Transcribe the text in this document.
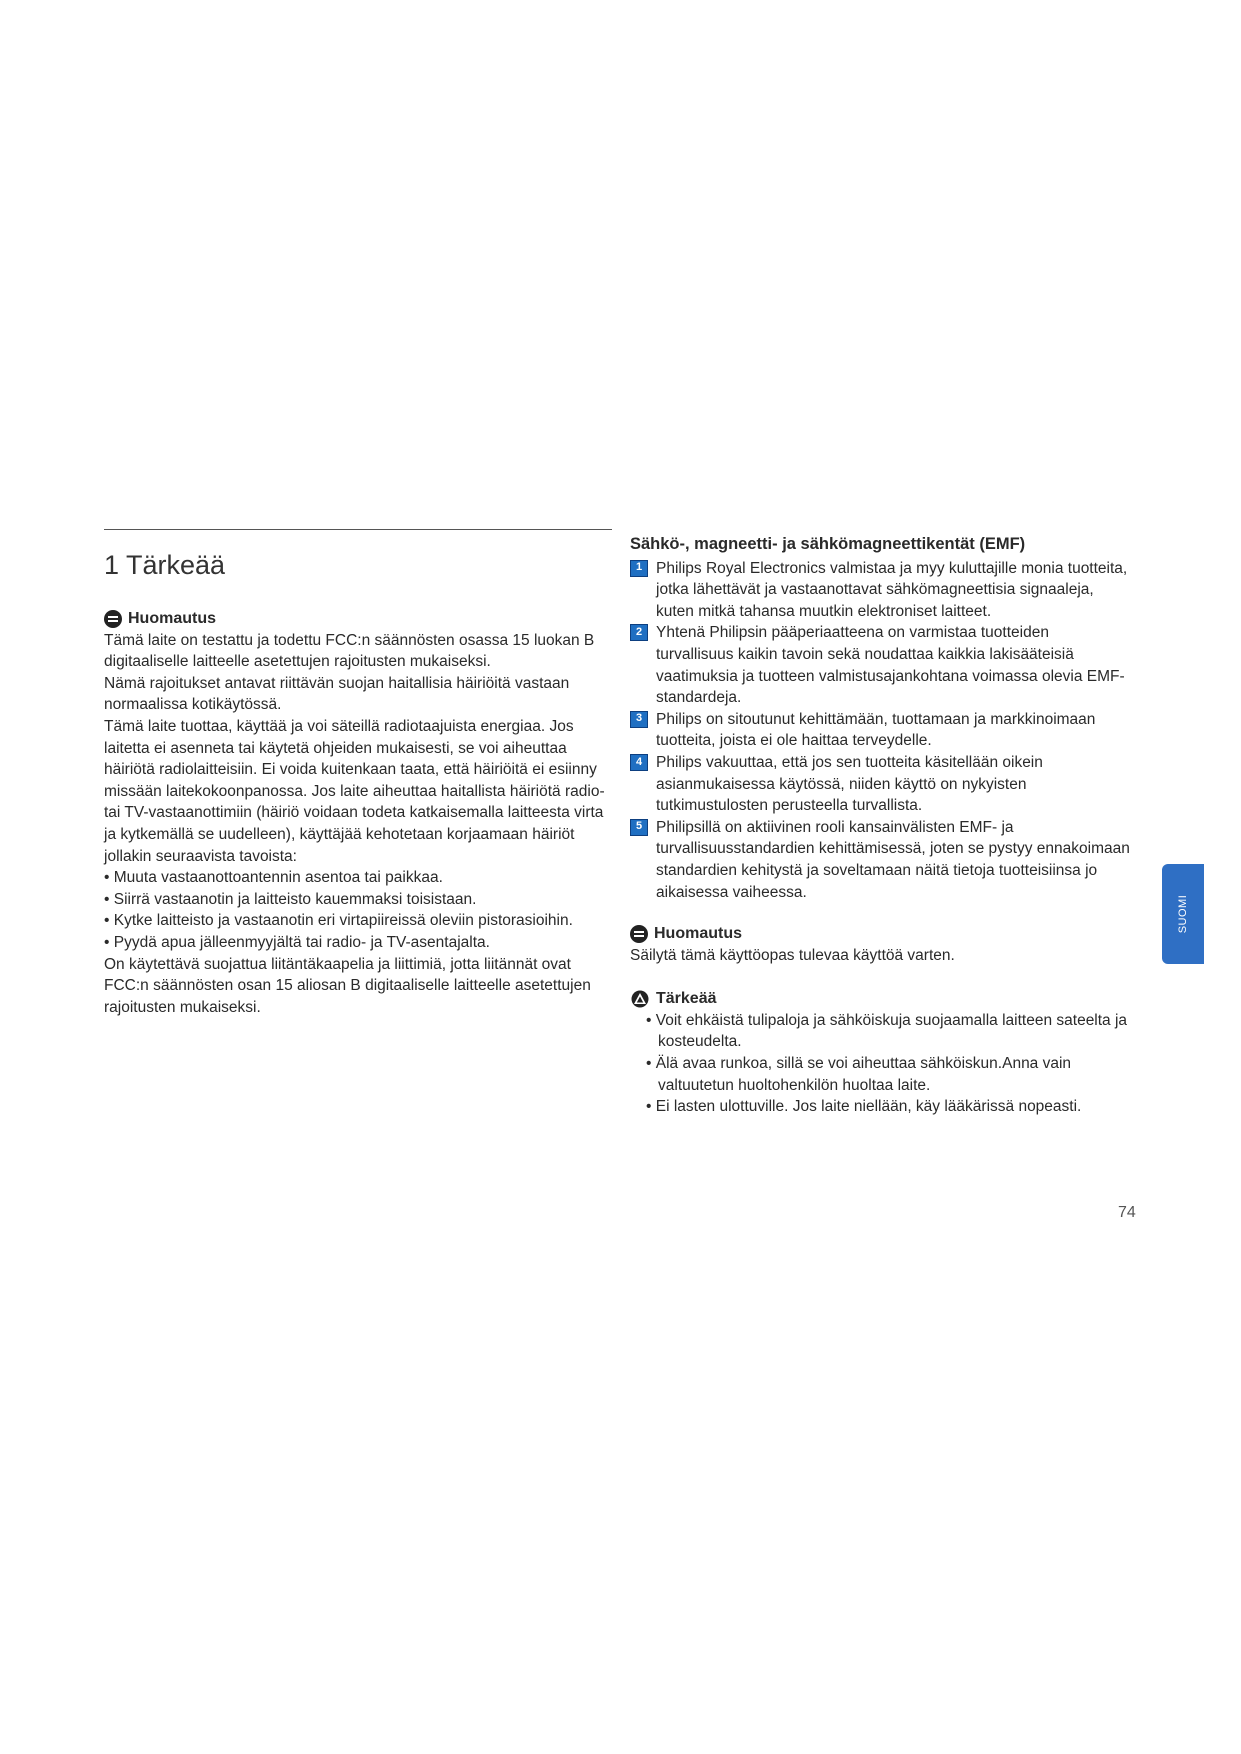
1 Tärkeää
Huomautus

Tämä laite on testattu ja todettu FCC:n säännösten osassa 15 luokan B digitaaliselle laitteelle asetettujen rajoitusten mukaiseksi.

Nämä rajoitukset antavat riittävän suojan haitallisia häiriöitä vastaan normaalissa kotikäytössä.

Tämä laite tuottaa, käyttää ja voi säteillä radiotaajuista energiaa. Jos laitetta ei asenneta tai käytetä ohjeiden mukaisesti, se voi aiheuttaa häiriötä radiolaitteisiin. Ei voida kuitenkaan taata, että häiriöitä ei esiinny missään laitekokoonpanossa. Jos laite aiheuttaa haitallista häiriötä radio- tai TV-vastaanottimiin (häiriö voidaan todeta katkaisemalla laitteesta virta ja kytkemällä se uudelleen), käyttäjää kehotetaan korjaamaan häiriöt jollakin seuraavista tavoista:

• Muuta vastaanottoantennin asentoa tai paikkaa.

• Siirrä vastaanotin ja laitteisto kauemmaksi toisistaan.

• Kytke laitteisto ja vastaanotin eri virtapiireissä oleviin pistorasioihin.

• Pyydä apua jälleenmyyjältä tai radio- ja TV-asentajalta.

On käytettävä suojattua liitäntäkaapelia ja liittimiä, jotta liitännät ovat FCC:n säännösten osan 15 aliosan B digitaaliselle laitteelle asetettujen rajoitusten mukaiseksi.

Sähkö-, magneetti- ja sähkömagneettikentät (EMF)
1 Philips Royal Electronics valmistaa ja myy kuluttajille monia tuotteita, jotka lähettävät ja vastaanottavat sähkömagneettisia signaaleja, kuten mitkä tahansa muutkin elektroniset laitteet.
2 Yhtenä Philipsin pääperiaatteena on varmistaa tuotteiden turvallisuus kaikin tavoin sekä noudattaa kaikkia lakisääteisiä vaatimuksia ja tuotteen valmistusajankohtana voimassa olevia EMF-standardeja.
3 Philips on sitoutunut kehittämään, tuottamaan ja markkinoimaan tuotteita, joista ei ole haittaa terveydelle.
4 Philips vakuuttaa, että jos sen tuotteita käsitellään oikein asianmukaisessa käytössä, niiden käyttö on nykyisten tutkimustulosten perusteella turvallista.
5 Philipsillä on aktiivinen rooli kansainvälisten EMF- ja turvallisuusstandardien kehittämisessä, joten se pystyy ennakoimaan standardien kehitystä ja soveltamaan näitä tietoja tuotteisiinsa jo aikaisessa vaiheessa.
Huomautus

Säilytä tämä käyttöopas tulevaa käyttöä varten.

Tärkeää

• Voit ehkäistä tulipaloja ja sähköiskuja suojaamalla laitteen sateelta ja kosteudelta.

• Älä avaa runkoa, sillä se voi aiheuttaa sähköiskun.Anna vain valtuutetun huoltohenkilön huoltaa laite.

• Ei lasten ulottuville. Jos laite niellään, käy lääkärissä nopeasti.

SUOMI
74
